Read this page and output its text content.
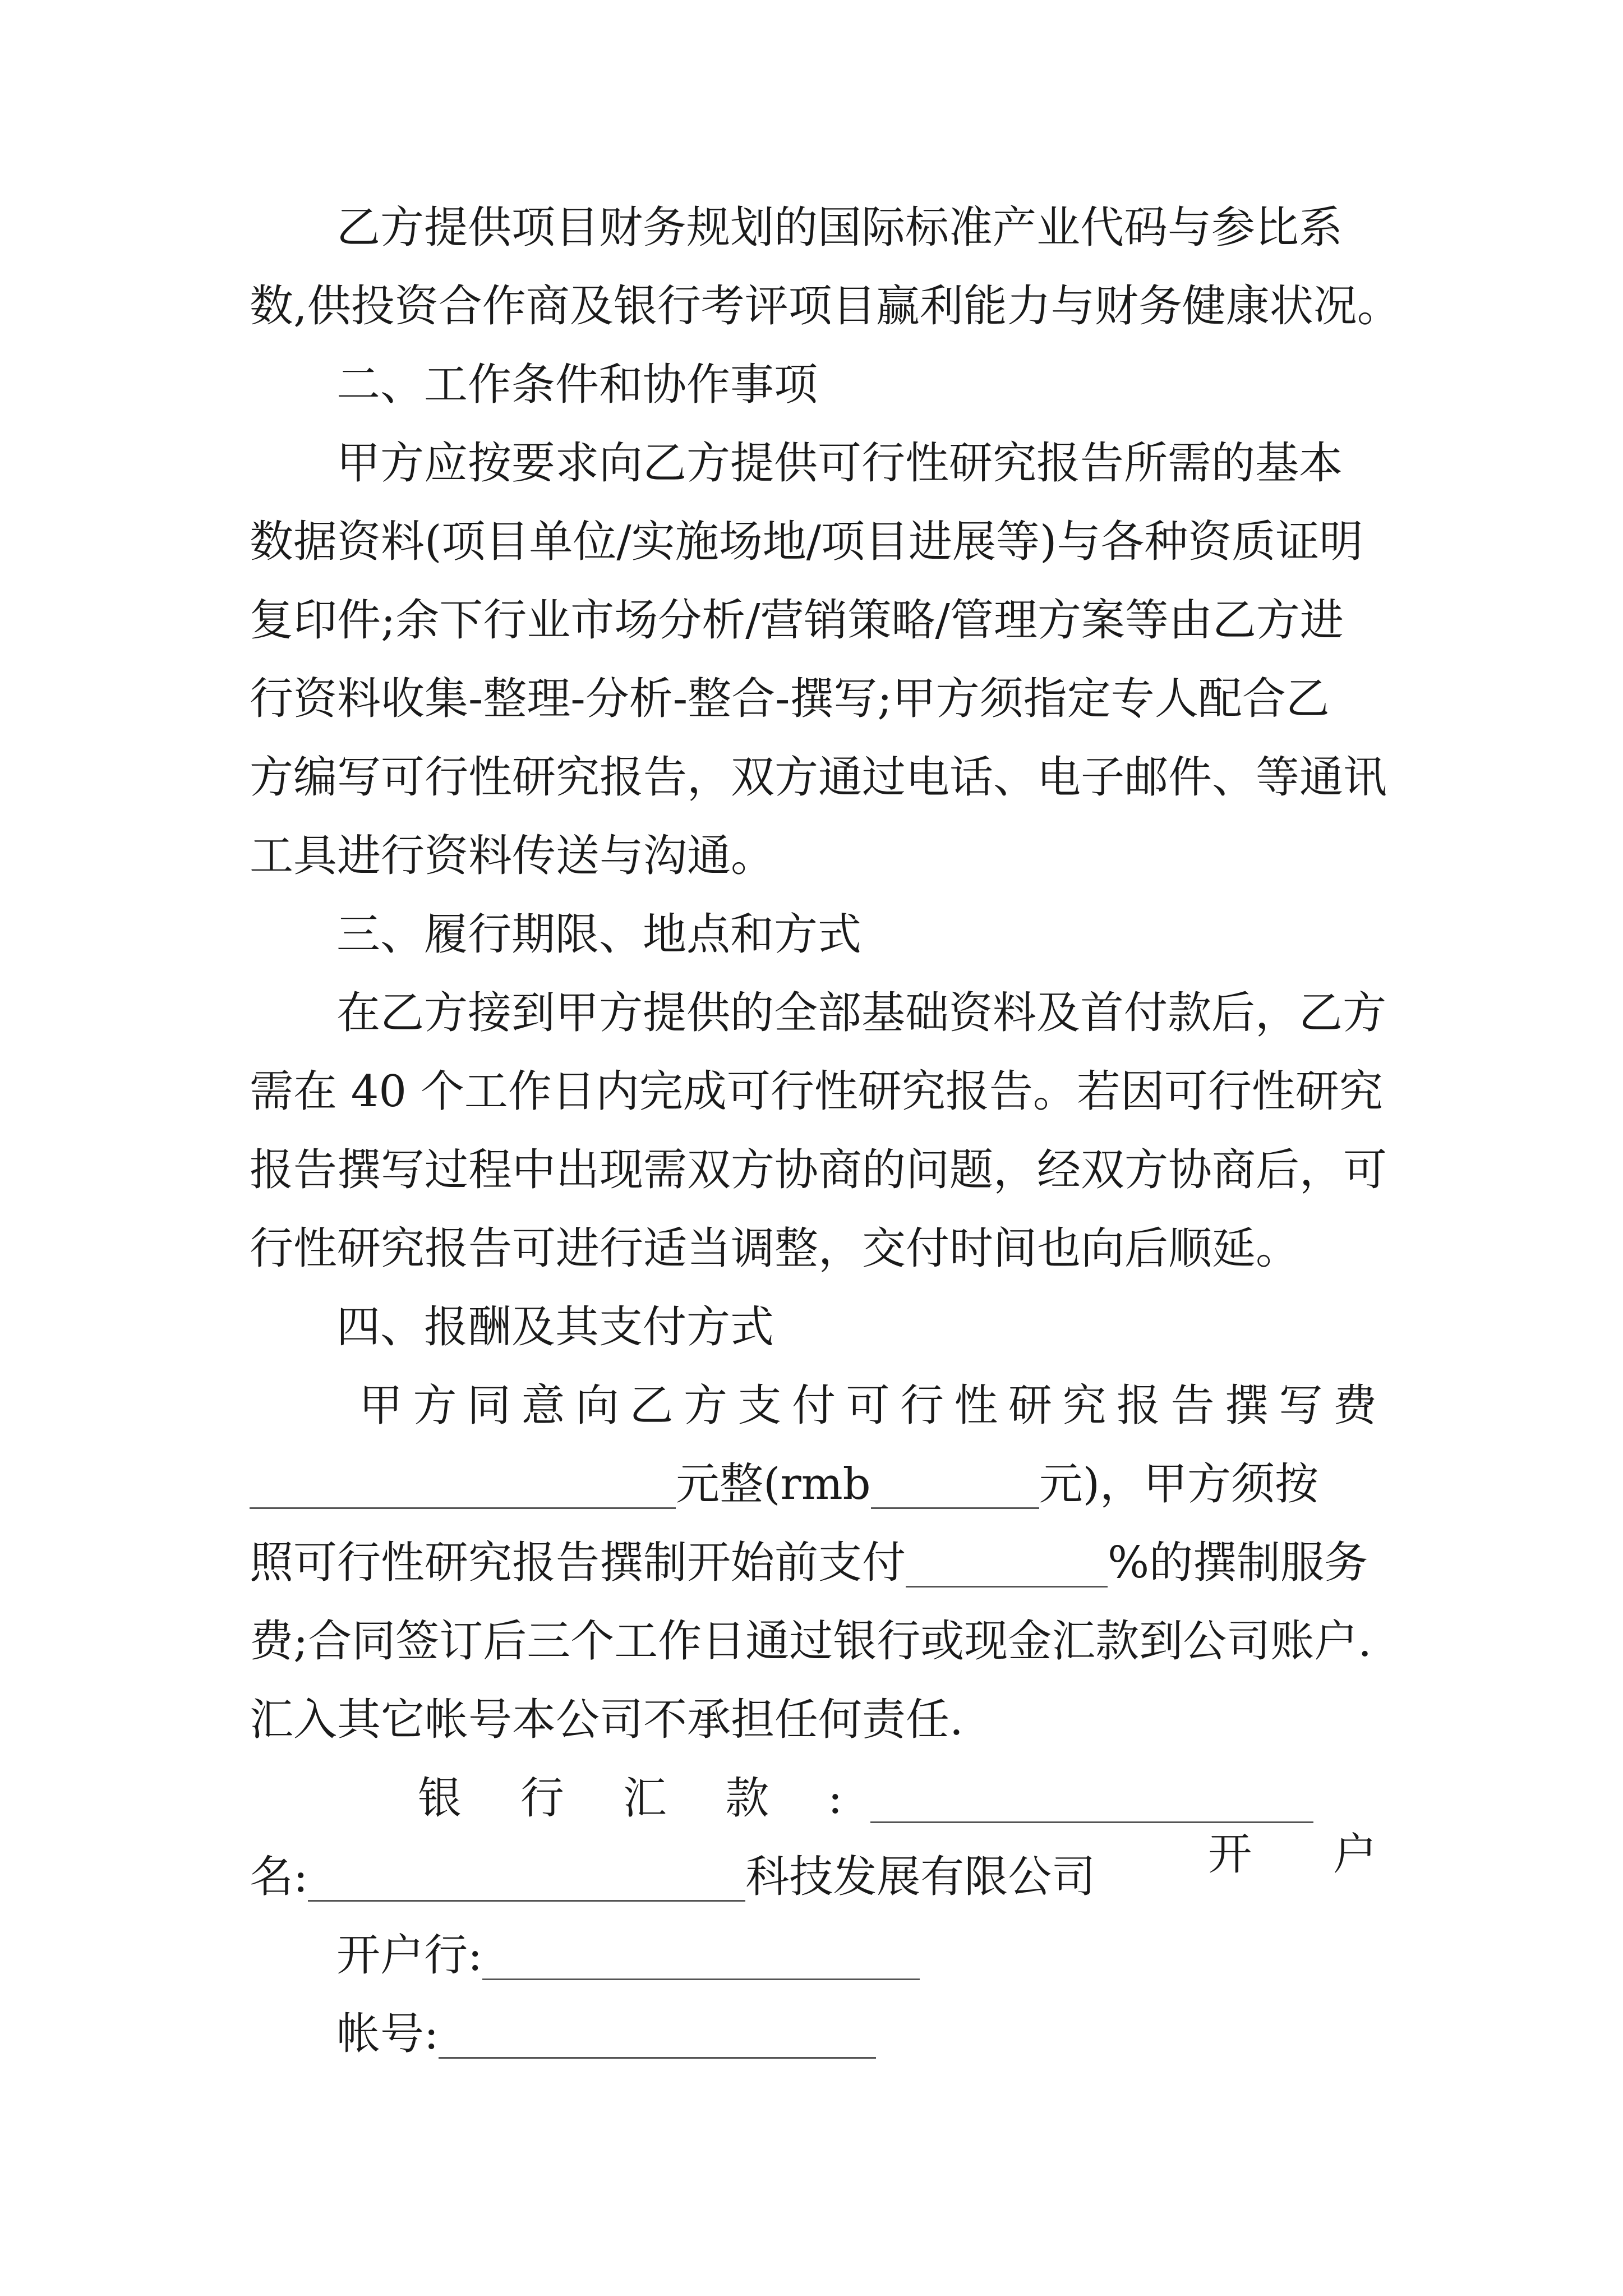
乙方提供项目财务规划的国际标准产业代码与参比系
数,供投资合作商及银行考评项目赢利能力与财务健康状况。
二、工作条件和协作事项
甲方应按要求向乙方提供可行性研究报告所需的基本
数据资料(项目单位/实施场地/项目进展等)与各种资质证明
复印件;余下行业市场分析/营销策略/管理方案等由乙方进
行资料收集-整理-分析-整合-撰写;甲方须指定专人配合乙
方编写可行性研究报告，双方通过电话、电子邮件、等通讯
工具进行资料传送与沟通。
三、履行期限、地点和方式
在乙方接到甲方提供的全部基础资料及首付款后，乙方
需在 40 个工作日内完成可行性研究报告。若因可行性研究
报告撰写过程中出现需双方协商的问题，经双方协商后，可
行性研究报告可进行适当调整，交付时间也向后顺延。
四、报酬及其支付方式
甲方同意向乙方支付可行性研究报告撰写费
元整(rmb	元)，甲方须按
照可行性研究报告撰制开始前支付	%的撰制服务
费;合同签订后三个工作日通过银行或现金汇款到公司账户.
汇入其它帐号本公司不承担任何责任.
银 行 汇 款 :
开 户
名:	科技发展有限公司
开户行:
帐号:
